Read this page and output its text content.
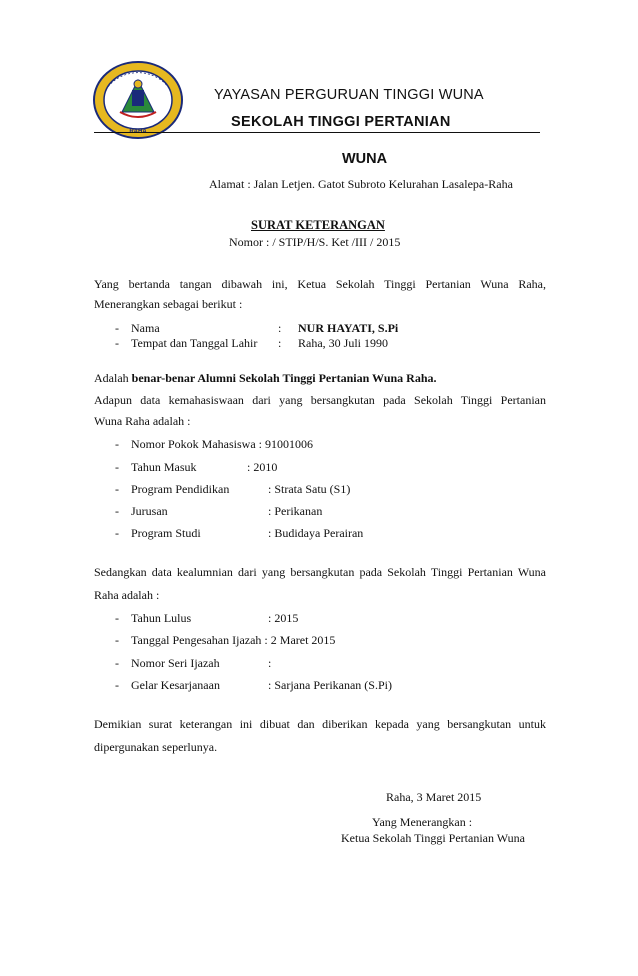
RAHA
YAYASAN PERGURUAN TINGGI WUNA
SEKOLAH TINGGI PERTANIAN
WUNA
Alamat : Jalan Letjen. Gatot Subroto Kelurahan Lasalepa-Raha
SURAT KETERANGAN
Nomor : / STIP/H/S. Ket /III / 2015
Yang bertanda tangan dibawah ini, Ketua Sekolah Tinggi Pertanian Wuna Raha,
Menerangkan sebagai berikut :
- Nama	: NUR HAYATI, S.Pi
- Tempat dan Tanggal Lahir : Raha, 30 Juli 1990
Adalah benar-benar Alumni Sekolah Tinggi Pertanian Wuna Raha.
Adapun data kemahasiswaan dari yang bersangkutan pada Sekolah Tinggi Pertanian
Wuna Raha adalah :
- Nomor Pokok Mahasiswa : 91001006
- Tahun Masuk	: 2010
- Program Pendidikan	: Strata Satu (S1)
- Jurusan	: Perikanan
- Program Studi	: Budidaya Perairan
Sedangkan data kealumnian dari yang bersangkutan pada Sekolah Tinggi Pertanian Wuna
Raha adalah :
- Tahun Lulus	: 2015
- Tanggal Pengesahan Ijazah : 2 Maret 2015
- Nomor Seri Ijazah	:
- Gelar Kesarjanaan	: Sarjana Perikanan (S.Pi)
Demikian surat keterangan ini dibuat dan diberikan kepada yang bersangkutan untuk
dipergunakan seperlunya.
Raha, 3 Maret 2015
Yang Menerangkan :
Ketua Sekolah Tinggi Pertanian Wuna
